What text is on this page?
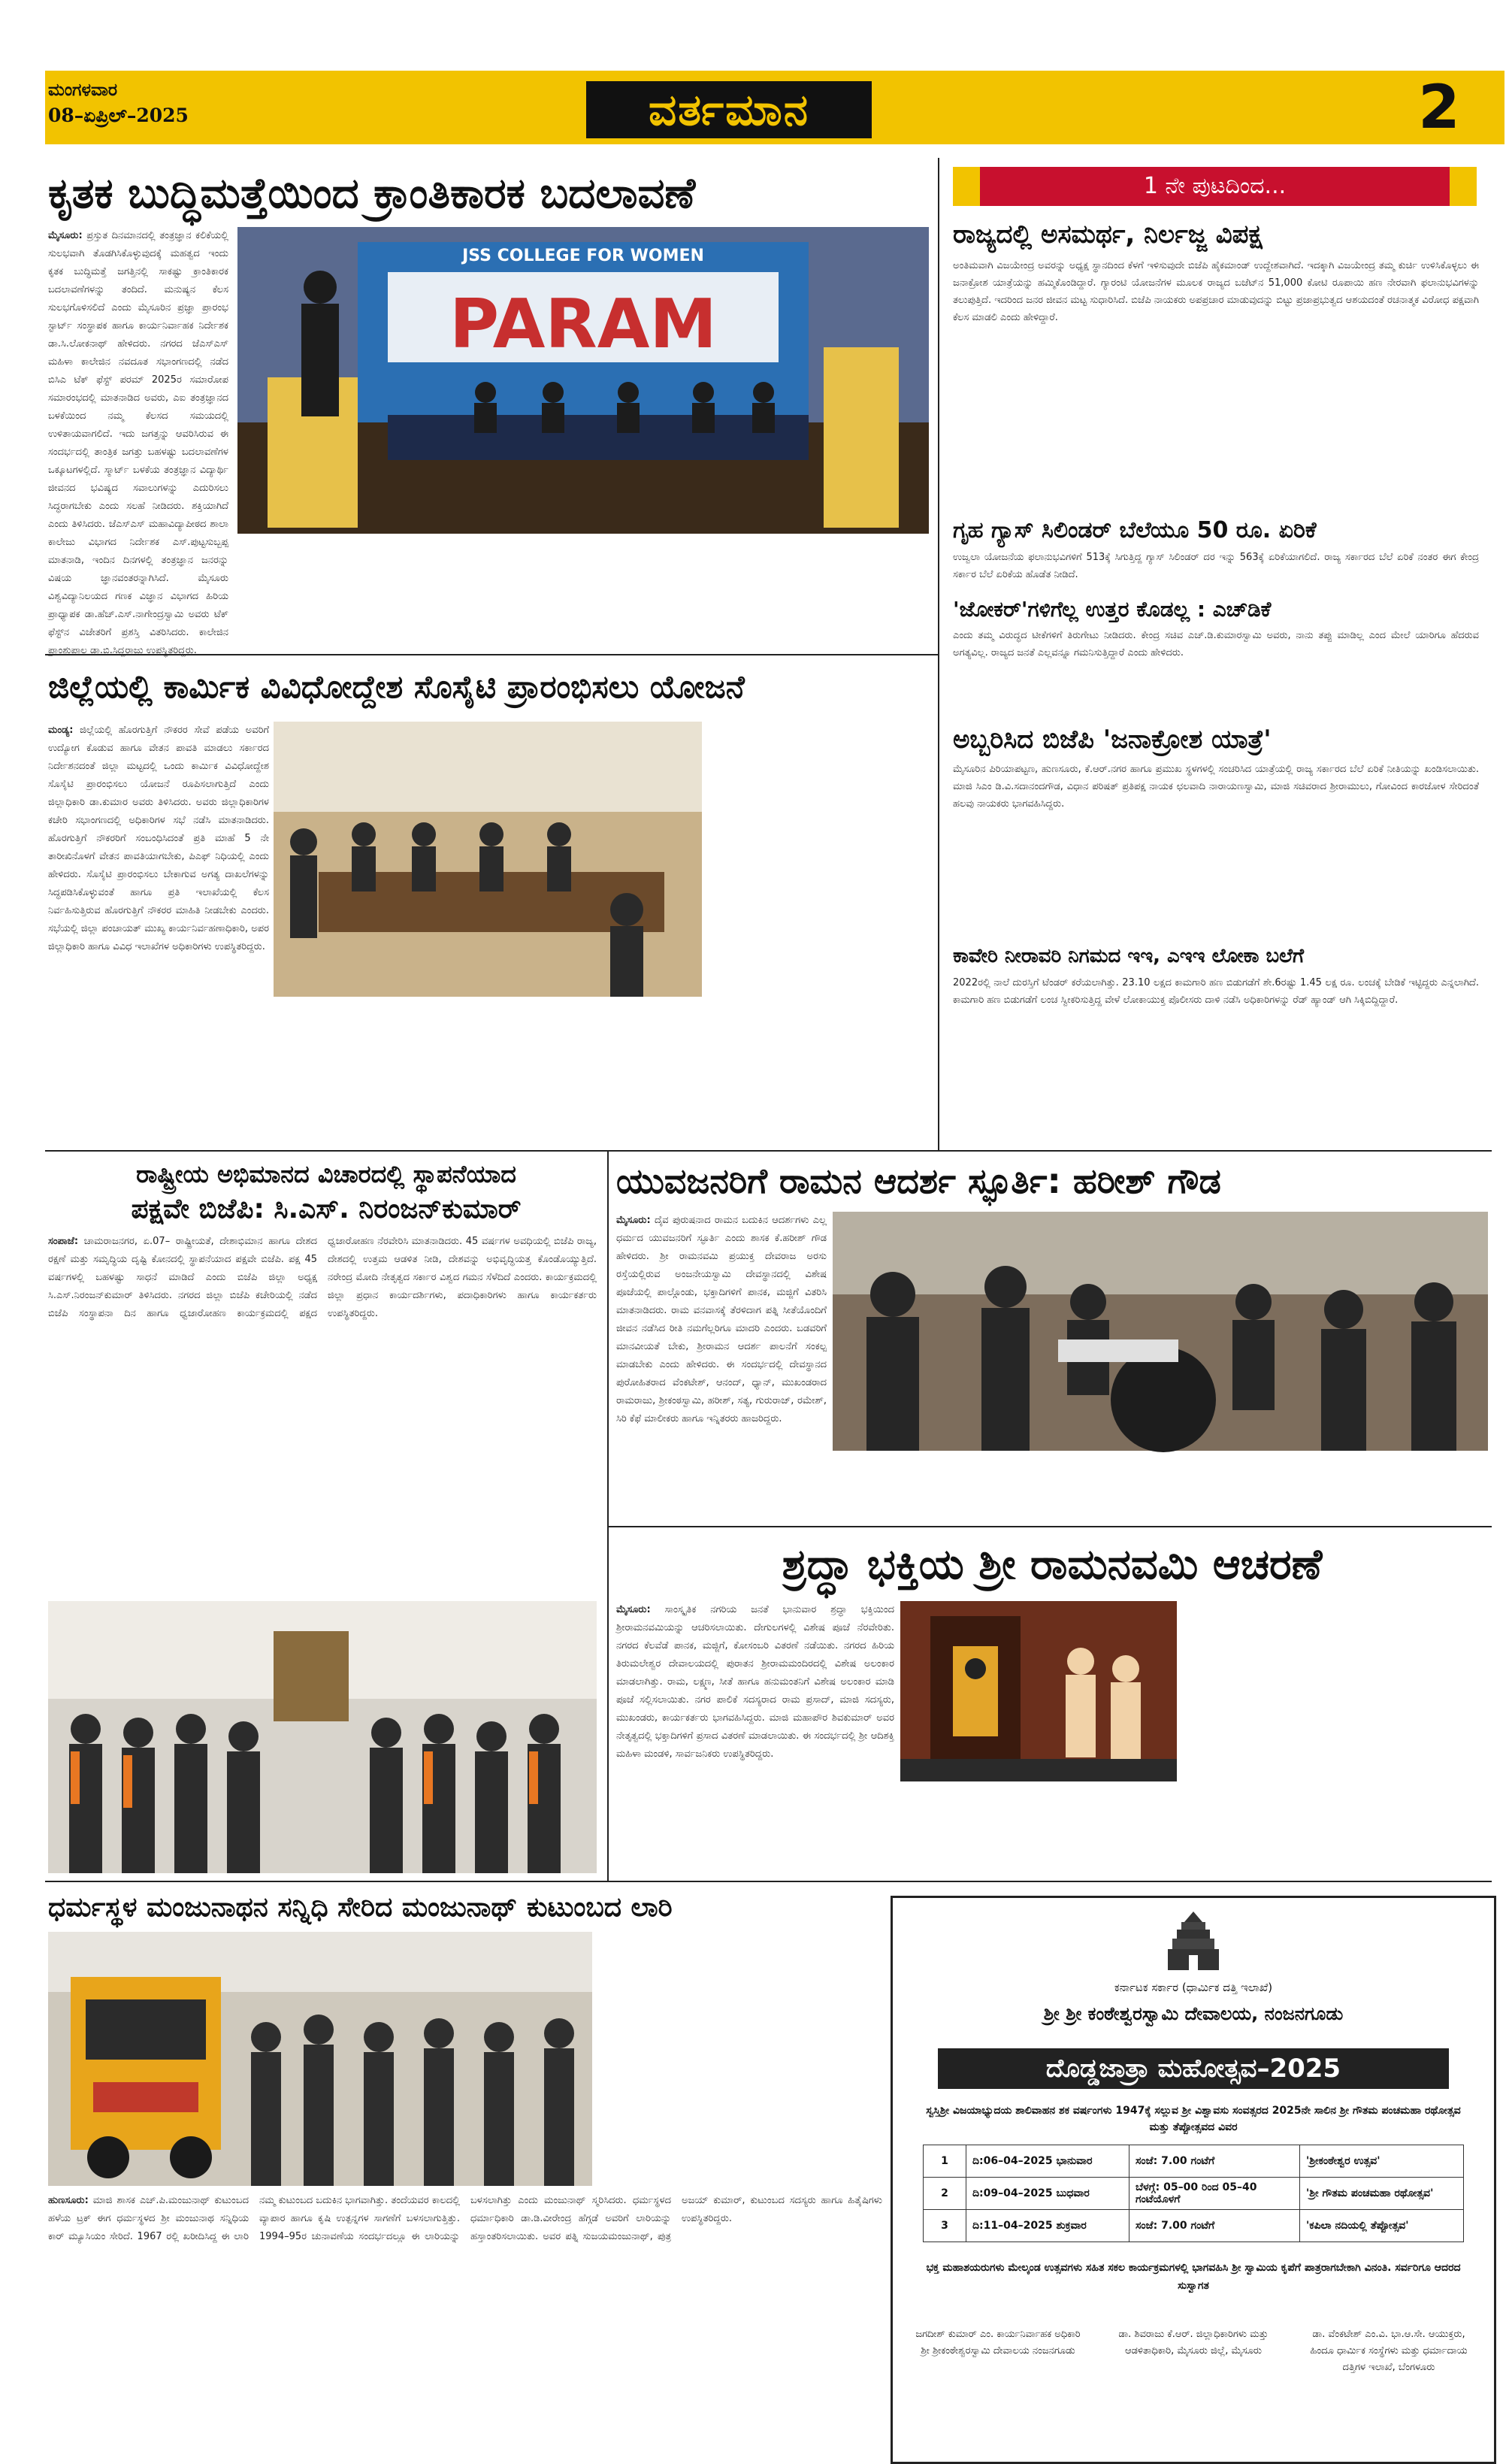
ಮಂಗಳವಾರ
08–ಏಪ್ರಿಲ್–2025	ವರ್ತಮಾನ	2
ಕೃತಕ ಬುದ್ಧಿಮತ್ತೆಯಿಂದ ಕ್ರಾಂತಿಕಾರಕ ಬದಲಾವಣೆ
ಮೈಸೂರು: ಪ್ರಸ್ತುತ ದಿನಮಾನದಲ್ಲಿ ತಂತ್ರಜ್ಞಾನ ಕಲಿಕೆಯಲ್ಲಿ ಸುಲಭವಾಗಿ ತೊಡಗಿಸಿಕೊಳ್ಳುವುದಕ್ಕೆ ಮಹತ್ವದ ಇಂದು ಕೃತಕ ಬುದ್ಧಿಮತ್ತೆ ಜಗತ್ತಿನಲ್ಲಿ ಸಾಕಷ್ಟು ಕ್ರಾಂತಿಕಾರಕ ಬದಲಾವಣೆಗಳನ್ನು ತಂದಿದೆ. ಮನುಷ್ಯನ ಕೆಲಸ ಸುಲಭಗೊಳಿಸಲಿದೆ ಎಂದು ಮೈಸೂರಿನ ಪ್ರಜ್ಞಾ ಪ್ರಾರಂಭ ಸ್ಟಾರ್ಟ್ ಸಂಸ್ಥಾಪಕ ಹಾಗೂ ಕಾರ್ಯನಿರ್ವಾಹಕ ನಿರ್ದೇಶಕ ಡಾ.ಸಿ.ಲೋಕನಾಥ್ ಹೇಳಿದರು. ನಗರದ ಜೆಎಸ್‌ಎಸ್ ಮಹಿಳಾ ಕಾಲೇಜಿನ ನವದೂತ ಸಭಾಂಗಣದಲ್ಲಿ ನಡೆದ ಬಿಸಿಎ ಟೆಕ್ ಫೆಸ್ಟ್ ಪರಮ್ 2025ರ ಸಮಾರೋಪ ಸಮಾರಂಭದಲ್ಲಿ ಮಾತನಾಡಿದ ಅವರು, ಎಐ ತಂತ್ರಜ್ಞಾನದ ಬಳಕೆಯಿಂದ ನಮ್ಮ ಕೆಲಸದ ಸಮಯದಲ್ಲಿ ಉಳಿತಾಯವಾಗಲಿದೆ. ಇದು ಜಗತ್ತನ್ನು ಆವರಿಸಿರುವ ಈ ಸಂದರ್ಭದಲ್ಲಿ ತಾಂತ್ರಿಕ ಜಗತ್ತು ಬಹಳಷ್ಟು ಬದಲಾವಣೆಗಳ ಒಕ್ಕೂಟಗಳಲ್ಲಿದೆ. ಸ್ಮಾರ್ಟ್ ಬಳಕೆಯ ತಂತ್ರಜ್ಞಾನ ವಿದ್ಯಾರ್ಥಿ ಜೀವನದ ಭವಿಷ್ಯದ ಸವಾಲುಗಳನ್ನು ಎದುರಿಸಲು ಸಿದ್ಧರಾಗಬೇಕು ಎಂದು ಸಲಹೆ ನೀಡಿದರು. ಶಕ್ತಿಯಾಗಿದೆ ಎಂದು ತಿಳಿಸಿದರು. ಜೆಎಸ್‌ಎಸ್ ಮಹಾವಿದ್ಯಾಪೀಠದ ಶಾಲಾ ಕಾಲೇಜು ವಿಭಾಗದ ನಿರ್ದೇಶಕ ಎಸ್.ಪುಟ್ಟಸುಬ್ಬಪ್ಪ ಮಾತನಾಡಿ, ಇಂದಿನ ದಿನಗಳಲ್ಲಿ ತಂತ್ರಜ್ಞಾನ ಜನರನ್ನು ವಿಷಯ ಜ್ಞಾನವಂತರನ್ನಾಗಿಸಿದೆ. ಮೈಸೂರು ವಿಶ್ವವಿದ್ಯಾನಿಲಯದ ಗಣಕ ವಿಜ್ಞಾನ ವಿಭಾಗದ ಹಿರಿಯ ಪ್ರಾಧ್ಯಾಪಕ ಡಾ.ಹೆಚ್.ಎಸ್.ನಾಗೇಂದ್ರಸ್ವಾಮಿ ಅವರು ಟೆಕ್ ಫೆಸ್ಟ್‌ನ ವಿಜೇತರಿಗೆ ಪ್ರಶಸ್ತಿ ವಿತರಿಸಿದರು. ಕಾಲೇಜಿನ ಪ್ರಾಂಶುಪಾಲ ಡಾ.ಬಿ.ಸಿದ್ದರಾಜು ಉಪಸ್ಥಿತರಿದ್ದರು.
PARAM
JSS COLLEGE FOR WOMEN
ಜಿಲ್ಲೆಯಲ್ಲಿ ಕಾರ್ಮಿಕ ವಿವಿಧೋದ್ದೇಶ ಸೊಸೈಟಿ ಪ್ರಾರಂಭಿಸಲು ಯೋಜನೆ
ಮಂಡ್ಯ: ಜಿಲ್ಲೆಯಲ್ಲಿ ಹೊರಗುತ್ತಿಗೆ ನೌಕರರ ಸೇವೆ ಪಡೆಯ ಅವರಿಗೆ ಉದ್ಯೋಗ ಕೊಡುವ ಹಾಗೂ ವೇತನ ಪಾವತಿ ಮಾಡಲು ಸರ್ಕಾರದ ನಿರ್ದೇಶನದಂತೆ ಜಿಲ್ಲಾ ಮಟ್ಟದಲ್ಲಿ ಒಂದು ಕಾರ್ಮಿಕ ವಿವಿಧೋದ್ದೇಶ ಸೊಸೈಟಿ ಪ್ರಾರಂಭಿಸಲು ಯೋಜನೆ ರೂಪಿಸಲಾಗುತ್ತಿದೆ ಎಂದು ಜಿಲ್ಲಾಧಿಕಾರಿ ಡಾ.ಕುಮಾರ ಅವರು ತಿಳಿಸಿದರು. ಅವರು ಜಿಲ್ಲಾಧಿಕಾರಿಗಳ ಕಚೇರಿ ಸಭಾಂಗಣದಲ್ಲಿ ಅಧಿಕಾರಿಗಳ ಸಭೆ ನಡೆಸಿ ಮಾತನಾಡಿದರು. ಹೊರಗುತ್ತಿಗೆ ನೌಕರರಿಗೆ ಸಂಬಂಧಿಸಿದಂತೆ ಪ್ರತಿ ಮಾಹೆ 5 ನೇ ತಾರೀಖಿನೊಳಗೆ ವೇತನ ಪಾವತಿಯಾಗಬೇಕು, ಪಿಎಫ್ ನಿಧಿಯಲ್ಲಿ ಎಂದು ಹೇಳಿದರು. ಸೊಸೈಟಿ ಪ್ರಾರಂಭಿಸಲು ಬೇಕಾಗುವ ಅಗತ್ಯ ದಾಖಲೆಗಳನ್ನು ಸಿದ್ಧಪಡಿಸಿಕೊಳ್ಳುವಂತೆ ಹಾಗೂ ಪ್ರತಿ ಇಲಾಖೆಯಲ್ಲಿ ಕೆಲಸ ನಿರ್ವಹಿಸುತ್ತಿರುವ ಹೊರಗುತ್ತಿಗೆ ನೌಕರರ ಮಾಹಿತಿ ನೀಡಬೇಕು ಎಂದರು. ಸಭೆಯಲ್ಲಿ ಜಿಲ್ಲಾ ಪಂಚಾಯತ್ ಮುಖ್ಯ ಕಾರ್ಯನಿರ್ವಹಣಾಧಿಕಾರಿ, ಅಪರ ಜಿಲ್ಲಾಧಿಕಾರಿ ಹಾಗೂ ವಿವಿಧ ಇಲಾಖೆಗಳ ಅಧಿಕಾರಿಗಳು ಉಪಸ್ಥಿತರಿದ್ದರು.
1 ನೇ ಪುಟದಿಂದ...
ರಾಜ್ಯದಲ್ಲಿ ಅಸಮರ್ಥ, ನಿರ್ಲಜ್ಜ ವಿಪಕ್ಷ
ಅಂತಿಮವಾಗಿ ವಿಜಯೇಂದ್ರ ಅವರನ್ನು ಅಧ್ಯಕ್ಷ ಸ್ಥಾನದಿಂದ ಕೆಳಗೆ ಇಳಿಸುವುದೇ ಬಿಜೆಪಿ ಹೈಕಮಾಂಡ್ ಉದ್ದೇಶವಾಗಿದೆ. ಇದಕ್ಕಾಗಿ ವಿಜಯೇಂದ್ರ ತಮ್ಮ ಕುರ್ಚಿ ಉಳಿಸಿಕೊಳ್ಳಲು ಈ ಜನಾಕ್ರೋಶ ಯಾತ್ರೆಯನ್ನು ಹಮ್ಮಿಕೊಂಡಿದ್ದಾರೆ. ಗ್ಯಾರಂಟಿ ಯೋಜನೆಗಳ ಮೂಲಕ ರಾಜ್ಯದ ಬಜೆಟ್‌ನ 51,000 ಕೋಟಿ ರೂಪಾಯಿ ಹಣ ನೇರವಾಗಿ ಫಲಾನುಭವಿಗಳನ್ನು ತಲುಪುತ್ತಿದೆ. ಇದರಿಂದ ಜನರ ಜೀವನ ಮಟ್ಟ ಸುಧಾರಿಸಿದೆ. ಬಿಜೆಪಿ ನಾಯಕರು ಅಪಪ್ರಚಾರ ಮಾಡುವುದನ್ನು ಬಿಟ್ಟು ಪ್ರಜಾಪ್ರಭುತ್ವದ ಆಶಯದಂತೆ ರಚನಾತ್ಮಕ ವಿರೋಧ ಪಕ್ಷವಾಗಿ ಕೆಲಸ ಮಾಡಲಿ ಎಂದು ಹೇಳಿದ್ದಾರೆ.
ಗೃಹ ಗ್ಯಾಸ್ ಸಿಲಿಂಡರ್ ಬೆಲೆಯೂ 50 ರೂ. ಏರಿಕೆ
ಉಜ್ವಲಾ ಯೋಜನೆಯ ಫಲಾನುಭವಿಗಳಿಗೆ 513ಕ್ಕೆ ಸಿಗುತ್ತಿದ್ದ ಗ್ಯಾಸ್ ಸಿಲಿಂಡರ್ ದರ ಇನ್ನು 563ಕ್ಕೆ ಏರಿಕೆಯಾಗಲಿದೆ. ರಾಜ್ಯ ಸರ್ಕಾರದ ಬೆಲೆ ಏರಿಕೆ ನಂತರ ಈಗ ಕೇಂದ್ರ ಸರ್ಕಾರ ಬೆಲೆ ಏರಿಕೆಯ ಹೊಡೆತ ನೀಡಿದೆ.
'ಜೋಕರ್'ಗಳಿಗೆಲ್ಲ ಉತ್ತರ ಕೊಡಲ್ಲ : ಎಚ್‌ಡಿಕೆ
ಎಂದು ತಮ್ಮ ವಿರುದ್ಧದ ಟೀಕೆಗಳಿಗೆ ತಿರುಗೇಟು ನೀಡಿದರು. ಕೇಂದ್ರ ಸಚಿವ ಎಚ್.ಡಿ.ಕುಮಾರಸ್ವಾಮಿ ಅವರು, ನಾನು ತಪ್ಪು ಮಾಡಿಲ್ಲ ಎಂದ ಮೇಲೆ ಯಾರಿಗೂ ಹೆದರುವ ಅಗತ್ಯವಿಲ್ಲ. ರಾಜ್ಯದ ಜನತೆ ಎಲ್ಲವನ್ನೂ ಗಮನಿಸುತ್ತಿದ್ದಾರೆ ಎಂದು ಹೇಳಿದರು.
ಅಬ್ಬರಿಸಿದ ಬಿಜೆಪಿ 'ಜನಾಕ್ರೋಶ ಯಾತ್ರೆ'
ಮೈಸೂರಿನ ಪಿರಿಯಾಪಟ್ಟಣ, ಹುಣಸೂರು, ಕೆ.ಆರ್.ನಗರ ಹಾಗೂ ಪ್ರಮುಖ ಸ್ಥಳಗಳಲ್ಲಿ ಸಂಚರಿಸಿದ ಯಾತ್ರೆಯಲ್ಲಿ ರಾಜ್ಯ ಸರ್ಕಾರದ ಬೆಲೆ ಏರಿಕೆ ನೀತಿಯನ್ನು ಖಂಡಿಸಲಾಯಿತು. ಮಾಜಿ ಸಿಎಂ ಡಿ.ವಿ.ಸದಾನಂದಗೌಡ, ವಿಧಾನ ಪರಿಷತ್ ಪ್ರತಿಪಕ್ಷ ನಾಯಕ ಛಲವಾದಿ ನಾರಾಯಣಸ್ವಾಮಿ, ಮಾಜಿ ಸಚಿವರಾದ ಶ್ರೀರಾಮುಲು, ಗೋವಿಂದ ಕಾರಜೋಳ ಸೇರಿದಂತೆ ಹಲವು ನಾಯಕರು ಭಾಗವಹಿಸಿದ್ದರು.
ಕಾವೇರಿ ನೀರಾವರಿ ನಿಗಮದ ಇಇ, ಎಇಇ ಲೋಕಾ ಬಲೆಗೆ
2022ರಲ್ಲಿ ನಾಲೆ ದುರಸ್ತಿಗೆ ಟೆಂಡರ್ ಕರೆಯಲಾಗಿತ್ತು. 23.10 ಲಕ್ಷದ ಕಾಮಗಾರಿ ಹಣ ಬಿಡುಗಡೆಗೆ ಶೇ.6ರಷ್ಟು 1.45 ಲಕ್ಷ ರೂ. ಲಂಚಕ್ಕೆ ಬೇಡಿಕೆ ಇಟ್ಟಿದ್ದರು ಎನ್ನಲಾಗಿದೆ. ಕಾಮಗಾರಿ ಹಣ ಬಿಡುಗಡೆಗೆ ಲಂಚ ಸ್ವೀಕರಿಸುತ್ತಿದ್ದ ವೇಳೆ ಲೋಕಾಯುಕ್ತ ಪೊಲೀಸರು ದಾಳಿ ನಡೆಸಿ ಅಧಿಕಾರಿಗಳನ್ನು ರೆಡ್ ಹ್ಯಾಂಡ್ ಆಗಿ ಸಿಕ್ಕಿಬಿದ್ದಿದ್ದಾರೆ.
ರಾಷ್ಟ್ರೀಯ ಅಭಿಮಾನದ ವಿಚಾರದಲ್ಲಿ ಸ್ಥಾಪನೆಯಾದ
ಪಕ್ಷವೇ ಬಿಜೆಪಿ: ಸಿ.ಎಸ್. ನಿರಂಜನ್‌ಕುಮಾರ್
ಸಂಪಾಜೆ: ಚಾಮರಾಜನಗರ, ಏ.07– ರಾಷ್ಟ್ರೀಯತೆ, ದೇಶಾಭಿಮಾನ ಹಾಗೂ ದೇಶದ ರಕ್ಷಣೆ ಮತ್ತು ಸಮೃದ್ಧಿಯ ದೃಷ್ಟಿ ಕೋನದಲ್ಲಿ ಸ್ಥಾಪನೆಯಾದ ಪಕ್ಷವೇ ಬಿಜೆಪಿ. ಪಕ್ಷ 45 ವರ್ಷಗಳಲ್ಲಿ ಬಹಳಷ್ಟು ಸಾಧನೆ ಮಾಡಿದೆ ಎಂದು ಬಿಜೆಪಿ ಜಿಲ್ಲಾ ಅಧ್ಯಕ್ಷ ಸಿ.ಎಸ್.ನಿರಂಜನ್‌ಕುಮಾರ್ ತಿಳಿಸಿದರು. ನಗರದ ಜಿಲ್ಲಾ ಬಿಜೆಪಿ ಕಚೇರಿಯಲ್ಲಿ ನಡೆದ ಬಿಜೆಪಿ ಸಂಸ್ಥಾಪನಾ ದಿನ ಹಾಗೂ ಧ್ವಜಾರೋಹಣ ಕಾರ್ಯಕ್ರಮದಲ್ಲಿ ಪಕ್ಷದ ಧ್ವಜಾರೋಹಣ ನೆರವೇರಿಸಿ ಮಾತನಾಡಿದರು. 45 ವರ್ಷಗಳ ಅವಧಿಯಲ್ಲಿ ಬಿಜೆಪಿ ರಾಜ್ಯ, ದೇಶದಲ್ಲಿ ಉತ್ತಮ ಆಡಳಿತ ನೀಡಿ, ದೇಶವನ್ನು ಅಭಿವೃದ್ಧಿಯತ್ತ ಕೊಂಡೊಯ್ಯುತ್ತಿದೆ. ನರೇಂದ್ರ ಮೋದಿ ನೇತೃತ್ವದ ಸರ್ಕಾರ ವಿಶ್ವದ ಗಮನ ಸೆಳೆದಿದೆ ಎಂದರು. ಕಾರ್ಯಕ್ರಮದಲ್ಲಿ ಜಿಲ್ಲಾ ಪ್ರಧಾನ ಕಾರ್ಯದರ್ಶಿಗಳು, ಪದಾಧಿಕಾರಿಗಳು ಹಾಗೂ ಕಾರ್ಯಕರ್ತರು ಉಪಸ್ಥಿತರಿದ್ದರು.
ಯುವಜನರಿಗೆ ರಾಮನ ಆದರ್ಶ ಸ್ಫೂರ್ತಿ: ಹರೀಶ್ ಗೌಡ
ಮೈಸೂರು: ದೈವ ಪುರುಷನಾದ ರಾಮನ ಬದುಕಿನ ಆದರ್ಶಗಳು ಎಲ್ಲ ಧರ್ಮದ ಯುವಜನರಿಗೆ ಸ್ಫೂರ್ತಿ ಎಂದು ಶಾಸಕ ಕೆ.ಹರೀಶ್ ಗೌಡ ಹೇಳಿದರು. ಶ್ರೀ ರಾಮನವಮಿ ಪ್ರಯುಕ್ತ ದೇವರಾಜ ಅರಸು ರಸ್ತೆಯಲ್ಲಿರುವ ಅಂಜನೇಯಸ್ವಾಮಿ ದೇವಸ್ಥಾನದಲ್ಲಿ ವಿಶೇಷ ಪೂಜೆಯಲ್ಲಿ ಪಾಲ್ಗೊಂಡು, ಭಕ್ತಾದಿಗಳಿಗೆ ಪಾನಕ, ಮಜ್ಜಿಗೆ ವಿತರಿಸಿ ಮಾತನಾಡಿದರು. ರಾಮ ವನವಾಸಕ್ಕೆ ತೆರಳಿದಾಗ ಪತ್ನಿ ಸೀತೆಯೊಂದಿಗೆ ಜೀವನ ನಡೆಸಿದ ರೀತಿ ನಮಗೆಲ್ಲರಿಗೂ ಮಾದರಿ ಎಂದರು. ಬಡವರಿಗೆ ಮಾನವೀಯತೆ ಬೇಕು, ಶ್ರೀರಾಮನ ಆದರ್ಶ ಪಾಲನೆಗೆ ಸಂಕಲ್ಪ ಮಾಡಬೇಕು ಎಂದು ಹೇಳಿದರು. ಈ ಸಂದರ್ಭದಲ್ಲಿ ದೇವಸ್ಥಾನದ ಪುರೋಹಿತರಾದ ವೆಂಕಟೇಶ್, ಆನಂದ್, ಧ್ಯಾನ್, ಮುಖಂಡರಾದ ರಾಮರಾಜು, ಶ್ರೀಕಂಠಸ್ವಾಮಿ, ಹರೀಶ್, ಸತ್ಯ, ಗುರುರಾಜ್, ರಮೇಶ್, ಸಿರಿ ಕೆಫೆ ಮಾಲೀಕರು ಹಾಗೂ ಇನ್ನಿತರರು ಹಾಜರಿದ್ದರು.
ಶ್ರದ್ಧಾ ಭಕ್ತಿಯ ಶ್ರೀ ರಾಮನವಮಿ ಆಚರಣೆ
ಮೈಸೂರು: ಸಾಂಸ್ಕೃತಿಕ ನಗರಿಯ ಜನತೆ ಭಾನುವಾರ ಶ್ರದ್ಧಾ ಭಕ್ತಿಯಿಂದ ಶ್ರೀರಾಮನವಮಿಯನ್ನು ಆಚರಿಸಲಾಯಿತು. ದೇಗುಲಗಳಲ್ಲಿ ವಿಶೇಷ ಪೂಜೆ ನೆರವೇರಿತು. ನಗರದ ಕೆಲವೆಡೆ ಪಾನಕ, ಮಜ್ಜಿಗೆ, ಕೋಸಂಬರಿ ವಿತರಣೆ ನಡೆಯಿತು. ನಗರದ ಹಿರಿಯ ತಿರುಮಲೇಶ್ವರ ದೇವಾಲಯದಲ್ಲಿ ಪುರಾತನ ಶ್ರೀರಾಮಮಂದಿರದಲ್ಲಿ ವಿಶೇಷ ಅಲಂಕಾರ ಮಾಡಲಾಗಿತ್ತು. ರಾಮ, ಲಕ್ಷ್ಮಣ, ಸೀತೆ ಹಾಗೂ ಹನುಮಂತನಿಗೆ ವಿಶೇಷ ಅಲಂಕಾರ ಮಾಡಿ ಪೂಜೆ ಸಲ್ಲಿಸಲಾಯಿತು. ನಗರ ಪಾಲಿಕೆ ಸದಸ್ಯರಾದ ರಾಮ ಪ್ರಸಾದ್, ಮಾಜಿ ಸದಸ್ಯರು, ಮುಖಂಡರು, ಕಾರ್ಯಕರ್ತರು ಭಾಗವಹಿಸಿದ್ದರು. ಮಾಜಿ ಮಹಾಪೌರ ಶಿವಕುಮಾರ್ ಅವರ ನೇತೃತ್ವದಲ್ಲಿ ಭಕ್ತಾದಿಗಳಿಗೆ ಪ್ರಸಾದ ವಿತರಣೆ ಮಾಡಲಾಯಿತು. ಈ ಸಂದರ್ಭದಲ್ಲಿ ಶ್ರೀ ಆದಿಶಕ್ತಿ ಮಹಿಳಾ ಮಂಡಳಿ, ಸಾರ್ವಜನಿಕರು ಉಪಸ್ಥಿತರಿದ್ದರು.
ಧರ್ಮಸ್ಥಳ ಮಂಜುನಾಥನ ಸನ್ನಿಧಿ ಸೇರಿದ ಮಂಜುನಾಥ್ ಕುಟುಂಬದ ಲಾರಿ
ಹುಣಸೂರು: ಮಾಜಿ ಶಾಸಕ ಎಚ್.ಪಿ.ಮಂಜುನಾಥ್ ಕುಟುಂಬದ ಹಳೆಯ ಟ್ರಕ್ ಈಗ ಧರ್ಮಸ್ಥಳದ ಶ್ರೀ ಮಂಜುನಾಥ ಸನ್ನಿಧಿಯ ಕಾರ್ ಮ್ಯೂಸಿಯಂ ಸೇರಿದೆ. 1967 ರಲ್ಲಿ ಖರೀದಿಸಿದ್ದ ಈ ಲಾರಿ ನಮ್ಮ ಕುಟುಂಬದ ಬದುಕಿನ ಭಾಗವಾಗಿತ್ತು. ತಂದೆಯವರ ಕಾಲದಲ್ಲಿ ವ್ಯಾಪಾರ ಹಾಗೂ ಕೃಷಿ ಉತ್ಪನ್ನಗಳ ಸಾಗಣೆಗೆ ಬಳಸಲಾಗುತ್ತಿತ್ತು. 1994–95ರ ಚುನಾವಣೆಯ ಸಂದರ್ಭದಲ್ಲೂ ಈ ಲಾರಿಯನ್ನು ಬಳಸಲಾಗಿತ್ತು ಎಂದು ಮಂಜುನಾಥ್ ಸ್ಮರಿಸಿದರು. ಧರ್ಮಸ್ಥಳದ ಧರ್ಮಾಧಿಕಾರಿ ಡಾ.ಡಿ.ವೀರೇಂದ್ರ ಹೆಗ್ಗಡೆ ಅವರಿಗೆ ಲಾರಿಯನ್ನು ಹಸ್ತಾಂತರಿಸಲಾಯಿತು. ಅವರ ಪತ್ನಿ ಸುಜಯಮಂಜುನಾಥ್, ಪುತ್ರ ಅಜಯ್ ಕುಮಾರ್, ಕುಟುಂಬದ ಸದಸ್ಯರು ಹಾಗೂ ಹಿತೈಷಿಗಳು ಉಪಸ್ಥಿತರಿದ್ದರು.
ಕರ್ನಾಟಕ ಸರ್ಕಾರ (ಧಾರ್ಮಿಕ ದತ್ತಿ ಇಲಾಖೆ)
ಶ್ರೀ ಶ್ರೀ ಕಂಠೇಶ್ವರಸ್ವಾಮಿ ದೇವಾಲಯ, ನಂಜನಗೂಡು
ದೊಡ್ಡಜಾತ್ರಾ ಮಹೋತ್ಸವ–2025
ಸ್ವಸ್ತಿಶ್ರೀ ವಿಜಯಾಭ್ಯುದಯ ಶಾಲಿವಾಹನ ಶಕ ವರ್ಷಂಗಳು 1947ಕ್ಕೆ ಸಲ್ಲುವ ಶ್ರೀ ವಿಶ್ವಾವಸು ಸಂವತ್ಸರದ 2025ನೇ ಸಾಲಿನ ಶ್ರೀ ಗೌತಮ ಪಂಚಮಹಾ ರಥೋತ್ಸವ ಮತ್ತು ತೆಪ್ಪೋತ್ಸವದ ವಿವರ
1	ದಿ:06–04–2025 ಭಾನುವಾರ	ಸಂಜೆ: 7.00 ಗಂಟೆಗೆ	'ಶ್ರೀಕಂಠೇಶ್ವರ ಉತ್ಸವ'
2	ದಿ:09–04–2025 ಬುಧವಾರ	ಬೆಳಗ್ಗೆ: 05–00 ರಿಂದ 05–40 ಗಂಟೆಯೊಳಗೆ	'ಶ್ರೀ ಗೌತಮ ಪಂಚಮಹಾ ರಥೋತ್ಸವ'
3	ದಿ:11–04–2025 ಶುಕ್ರವಾರ	ಸಂಜೆ: 7.00 ಗಂಟೆಗೆ	'ಕಪಿಲಾ ನದಿಯಲ್ಲಿ ತೆಪ್ಪೋತ್ಸವ'
ಭಕ್ತ ಮಹಾಶಯರುಗಳು ಮೇಲ್ಕಂಡ ಉತ್ಸವಗಳು ಸಹಿತ ಸಕಲ ಕಾರ್ಯಕ್ರಮಗಳಲ್ಲಿ ಭಾಗವಹಿಸಿ ಶ್ರೀ ಸ್ವಾಮಿಯ ಕೃಪೆಗೆ ಪಾತ್ರರಾಗಬೇಕಾಗಿ ವಿನಂತಿ. ಸರ್ವರಿಗೂ ಆದರದ ಸುಸ್ವಾಗತ
ಜಗದೀಶ್ ಕುಮಾರ್ ಎಂ. ಕಾರ್ಯನಿರ್ವಾಹಕ ಅಧಿಕಾರಿ ಶ್ರೀ ಶ್ರೀಕಂಠೇಶ್ವರಸ್ವಾಮಿ ದೇವಾಲಯ ನಂಜನಗೂಡು
ಡಾ. ಶಿವರಾಜು ಕೆ.ಆರ್. ಜಿಲ್ಲಾಧಿಕಾರಿಗಳು ಮತ್ತು ಆಡಳಿತಾಧಿಕಾರಿ, ಮೈಸೂರು ಜಿಲ್ಲೆ, ಮೈಸೂರು
ಡಾ. ವೆಂಕಟೇಶ್ ಎಂ.ವಿ. ಭಾ.ಆ.ಸೇ. ಆಯುಕ್ತರು, ಹಿಂದೂ ಧಾರ್ಮಿಕ ಸಂಸ್ಥೆಗಳು ಮತ್ತು ಧರ್ಮಾದಾಯ ದತ್ತಿಗಳ ಇಲಾಖೆ, ಬೆಂಗಳೂರು
